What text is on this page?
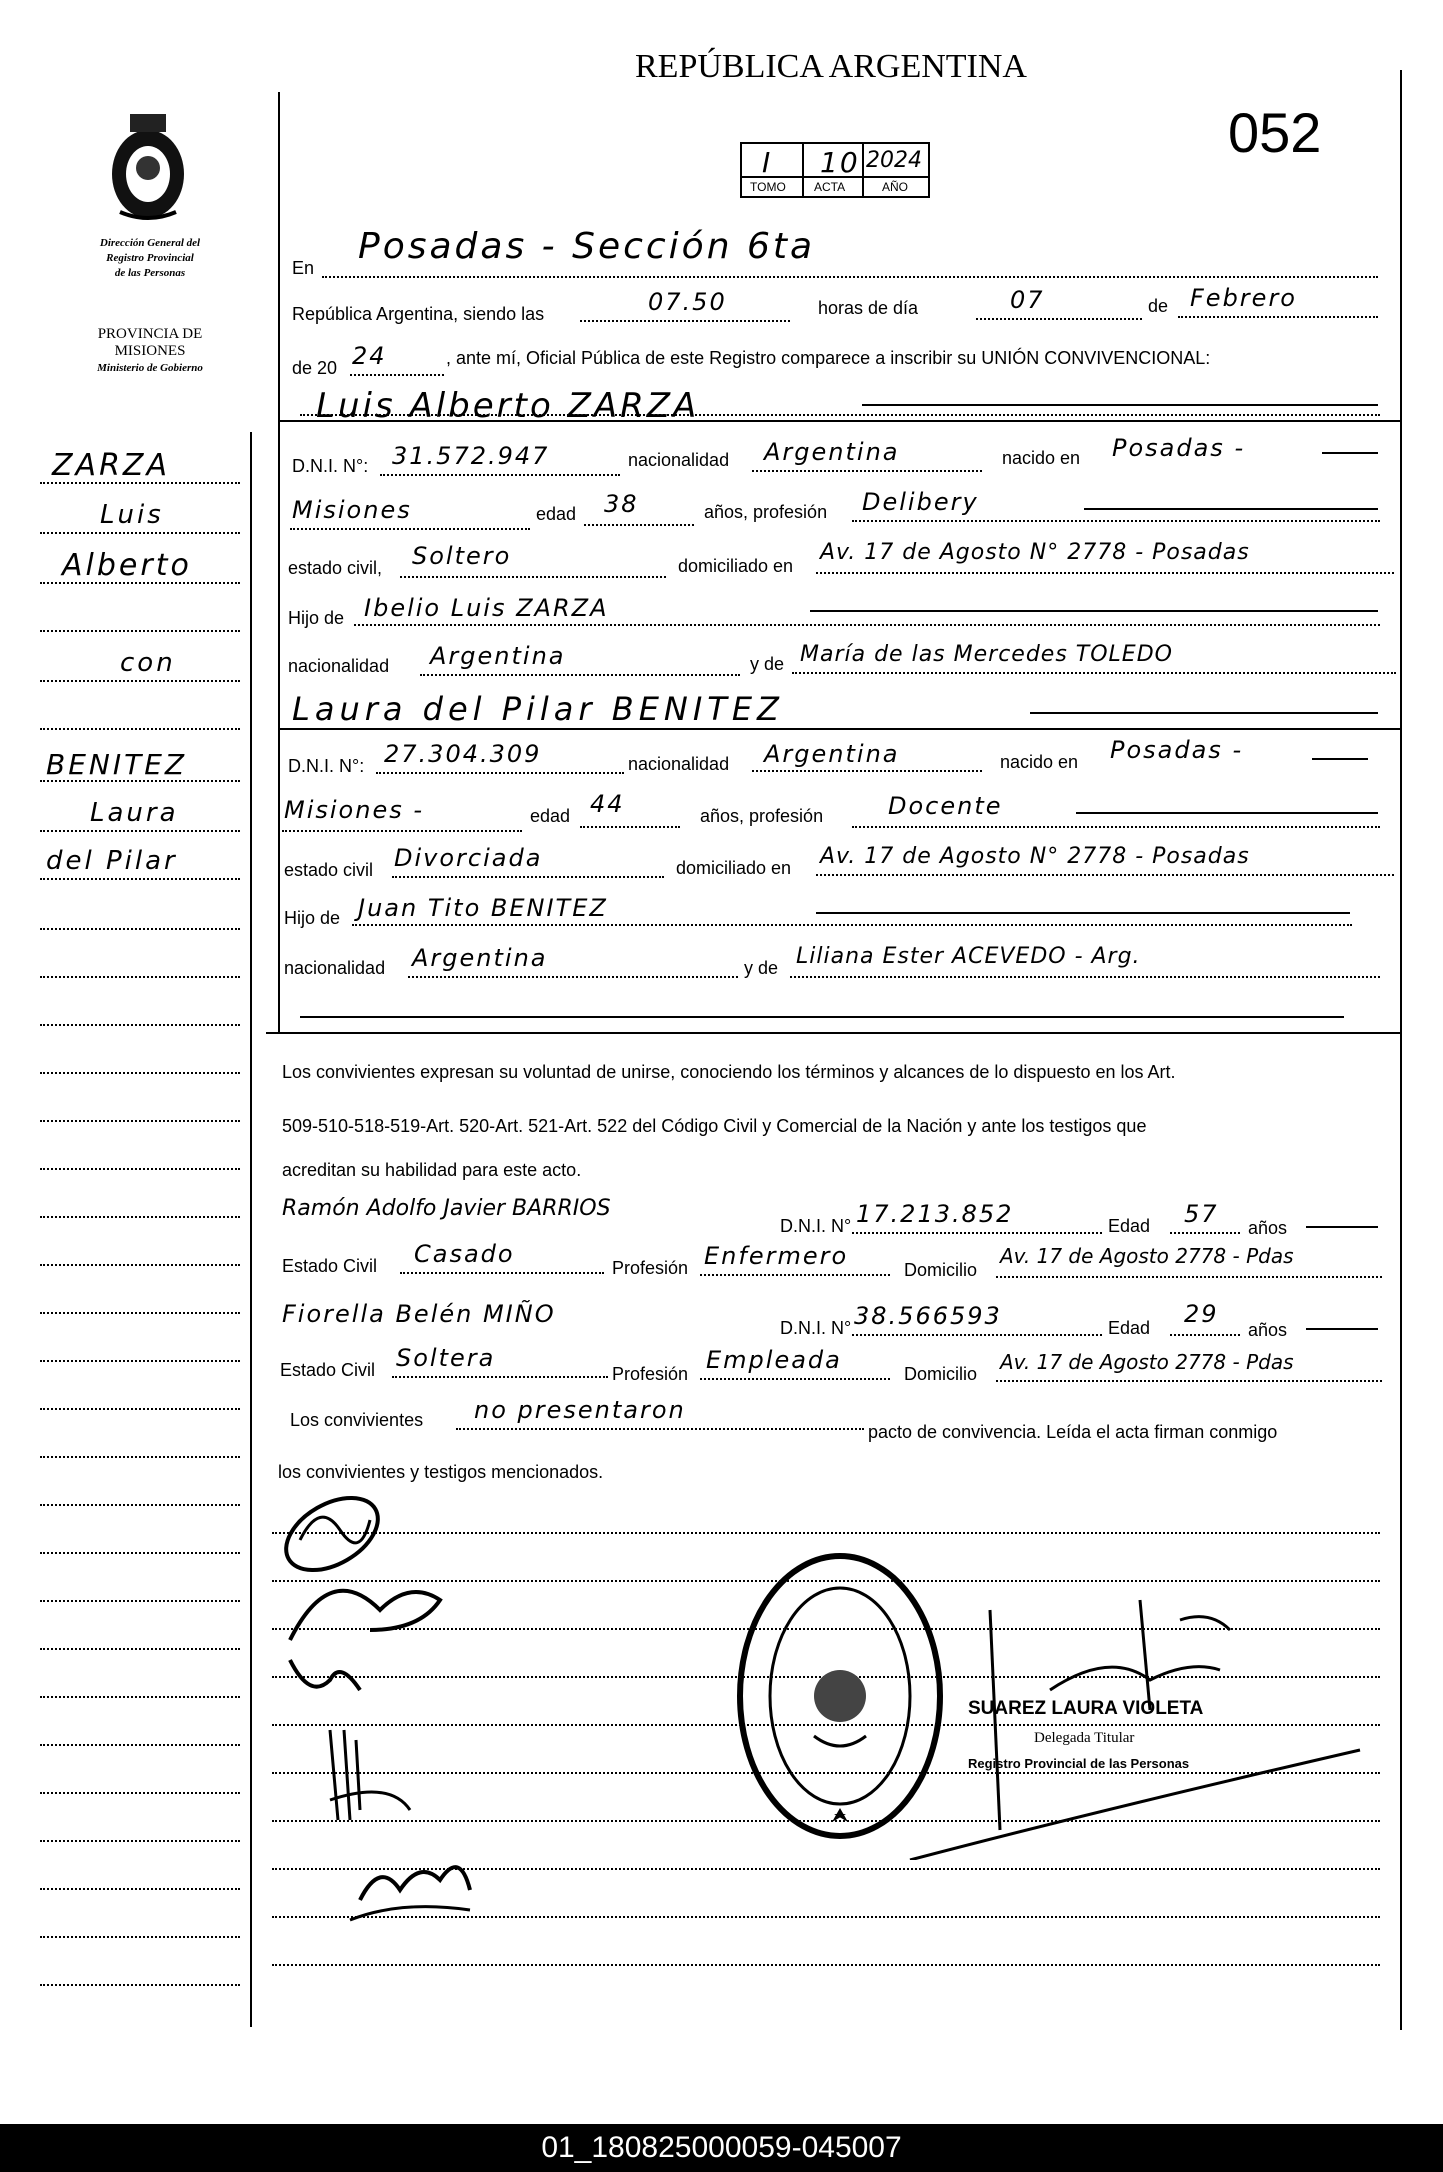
REPÚBLICA ARGENTINA
052
I 10 2024
TOMO ACTA	AÑO
Dirección General del
Registro Provincial
de las Personas
PROVINCIA DE
MISIONES
Ministerio de Gobierno
ZARZA
Luis
Alberto
con
BENITEZ
Laura
del Pilar
En
Posadas - Sección 6ta
República Argentina, siendo las	07.50	horas de día	07	de Febrero
de 20 24	, ante mí, Oficial Pública de este Registro comparece a inscribir su UNIÓN CONVIVENCIONAL:
Luis Alberto ZARZA
D.N.I. N°: 31.572.947	nacionalidad Argentina	nacido en Posadas -
Misiones	edad 38	años, profesión Delibery
estado civil, Soltero	domiciliado en
Av. 17 de Agosto N° 2778 - Posadas
Hijo de Ibelio Luis ZARZA
nacionalidad Argentina	y de María de las Mercedes TOLEDO
Laura del Pilar BENITEZ
D.N.I. N°: 27.304.309	nacionalidad Argentina	nacido en Posadas -
Misiones -	edad 44	años, profesión	Docente
estado civil Divorciada	domiciliado en Av. 17 de Agosto N° 2778 - Posadas
Hijo de Juan Tito BENITEZ
nacionalidad Argentina	y de Liliana Ester ACEVEDO - Arg.
Los convivientes expresan su voluntad de unirse, conociendo los términos y alcances de lo dispuesto en los Art.
509-510-518-519-Art. 520-Art. 521-Art. 522 del Código Civil y Comercial de la Nación y ante los testigos que
acreditan su habilidad para este acto.
Ramón Adolfo Javier BARRIOS
D.N.I. N° 17.213.852	Edad 57 años
Estado Civil Casado	Profesión Enfermero	Domicilio
Av. 17 de Agosto 2778 - Pdas
Fiorella Belén MIÑO	D.N.I. N° 38.566593	Edad 29
años
Estado Civil Soltera
Profesión Empleada	Domicilio Av. 17 de Agosto 2778 - Pdas
Los convivientes no presentaron
pacto de convivencia. Leída el acta firman conmigo
los convivientes y testigos mencionados.
SUAREZ LAURA VIOLETA
Delegada Titular
Registro Provincial de las Personas
01_180825000059-045007
